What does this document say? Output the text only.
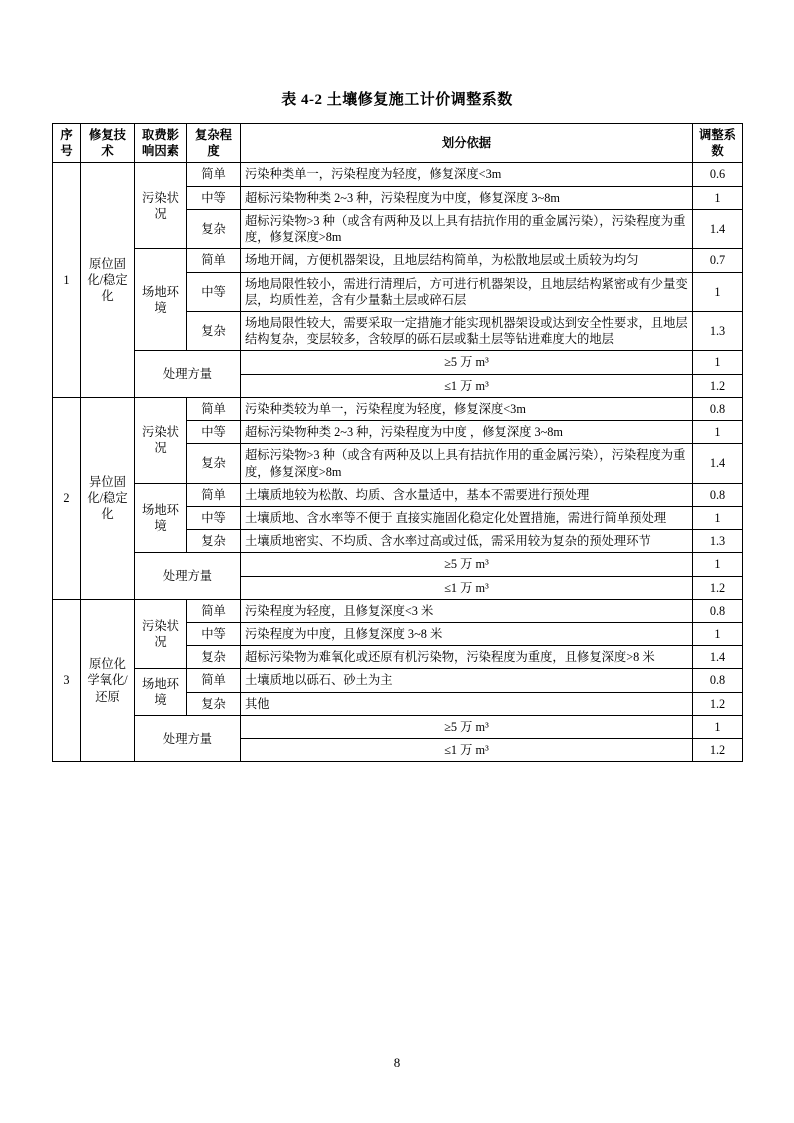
表 4-2 土壤修复施工计价调整系数
序号	修复技术	取费影响因素	复杂程度	划分依据	调整系数
1	原位固化/稳定化	污染状况	简单	污染种类单一，污染程度为轻度，修复深度<3m	0.6
			中等	超标污染物种类 2~3 种，污染程度为中度，修复深度 3~8m	1
			复杂	超标污染物>3 种（或含有两种及以上具有拮抗作用的重金属污染），污染程度为重度，修复深度>8m	1.4
		场地环境	简单	场地开阔，方便机器架设，且地层结构简单，为松散地层或土质较为均匀	0.7
			中等	场地局限性较小，需进行清理后，方可进行机器架设，且地层结构紧密或有少量变层，均质性差，含有少量黏土层或碎石层	1
			复杂	场地局限性较大，需要采取一定措施才能实现机器架设或达到安全性要求，且地层结构复杂，变层较多，含较厚的砾石层或黏土层等钻进难度大的地层	1.3
		处理方量		≥5 万 m³	1
				≤1 万 m³	1.2
2	异位固化/稳定化	污染状况	简单	污染种类较为单一，污染程度为轻度，修复深度<3m	0.8
			中等	超标污染物种类 2~3 种，污染程度为中度 ，修复深度 3~8m	1
			复杂	超标污染物>3 种（或含有两种及以上具有拮抗作用的重金属污染），污染程度为重度，修复深度>8m	1.4
		场地环境	简单	土壤质地较为松散、均质、含水量适中，基本不需要进行预处理	0.8
			中等	土壤质地、含水率等不便于 直接实施固化稳定化处置措施，需进行简单预处理	1
			复杂	土壤质地密实、不均质、含水率过高或过低，需采用较为复杂的预处理环节	1.3
		处理方量		≥5 万 m³	1
				≤1 万 m³	1.2
3	原位化学氧化/还原	污染状况	简单	污染程度为轻度，且修复深度<3 米	0.8
			中等	污染程度为中度，且修复深度 3~8 米	1
			复杂	超标污染物为难氧化或还原有机污染物，污染程度为重度，且修复深度>8 米	1.4
		场地环境	简单	土壤质地以砾石、砂土为主	0.8
			复杂	其他	1.2
		处理方量		≥5 万 m³	1
				≤1 万 m³	1.2
8
